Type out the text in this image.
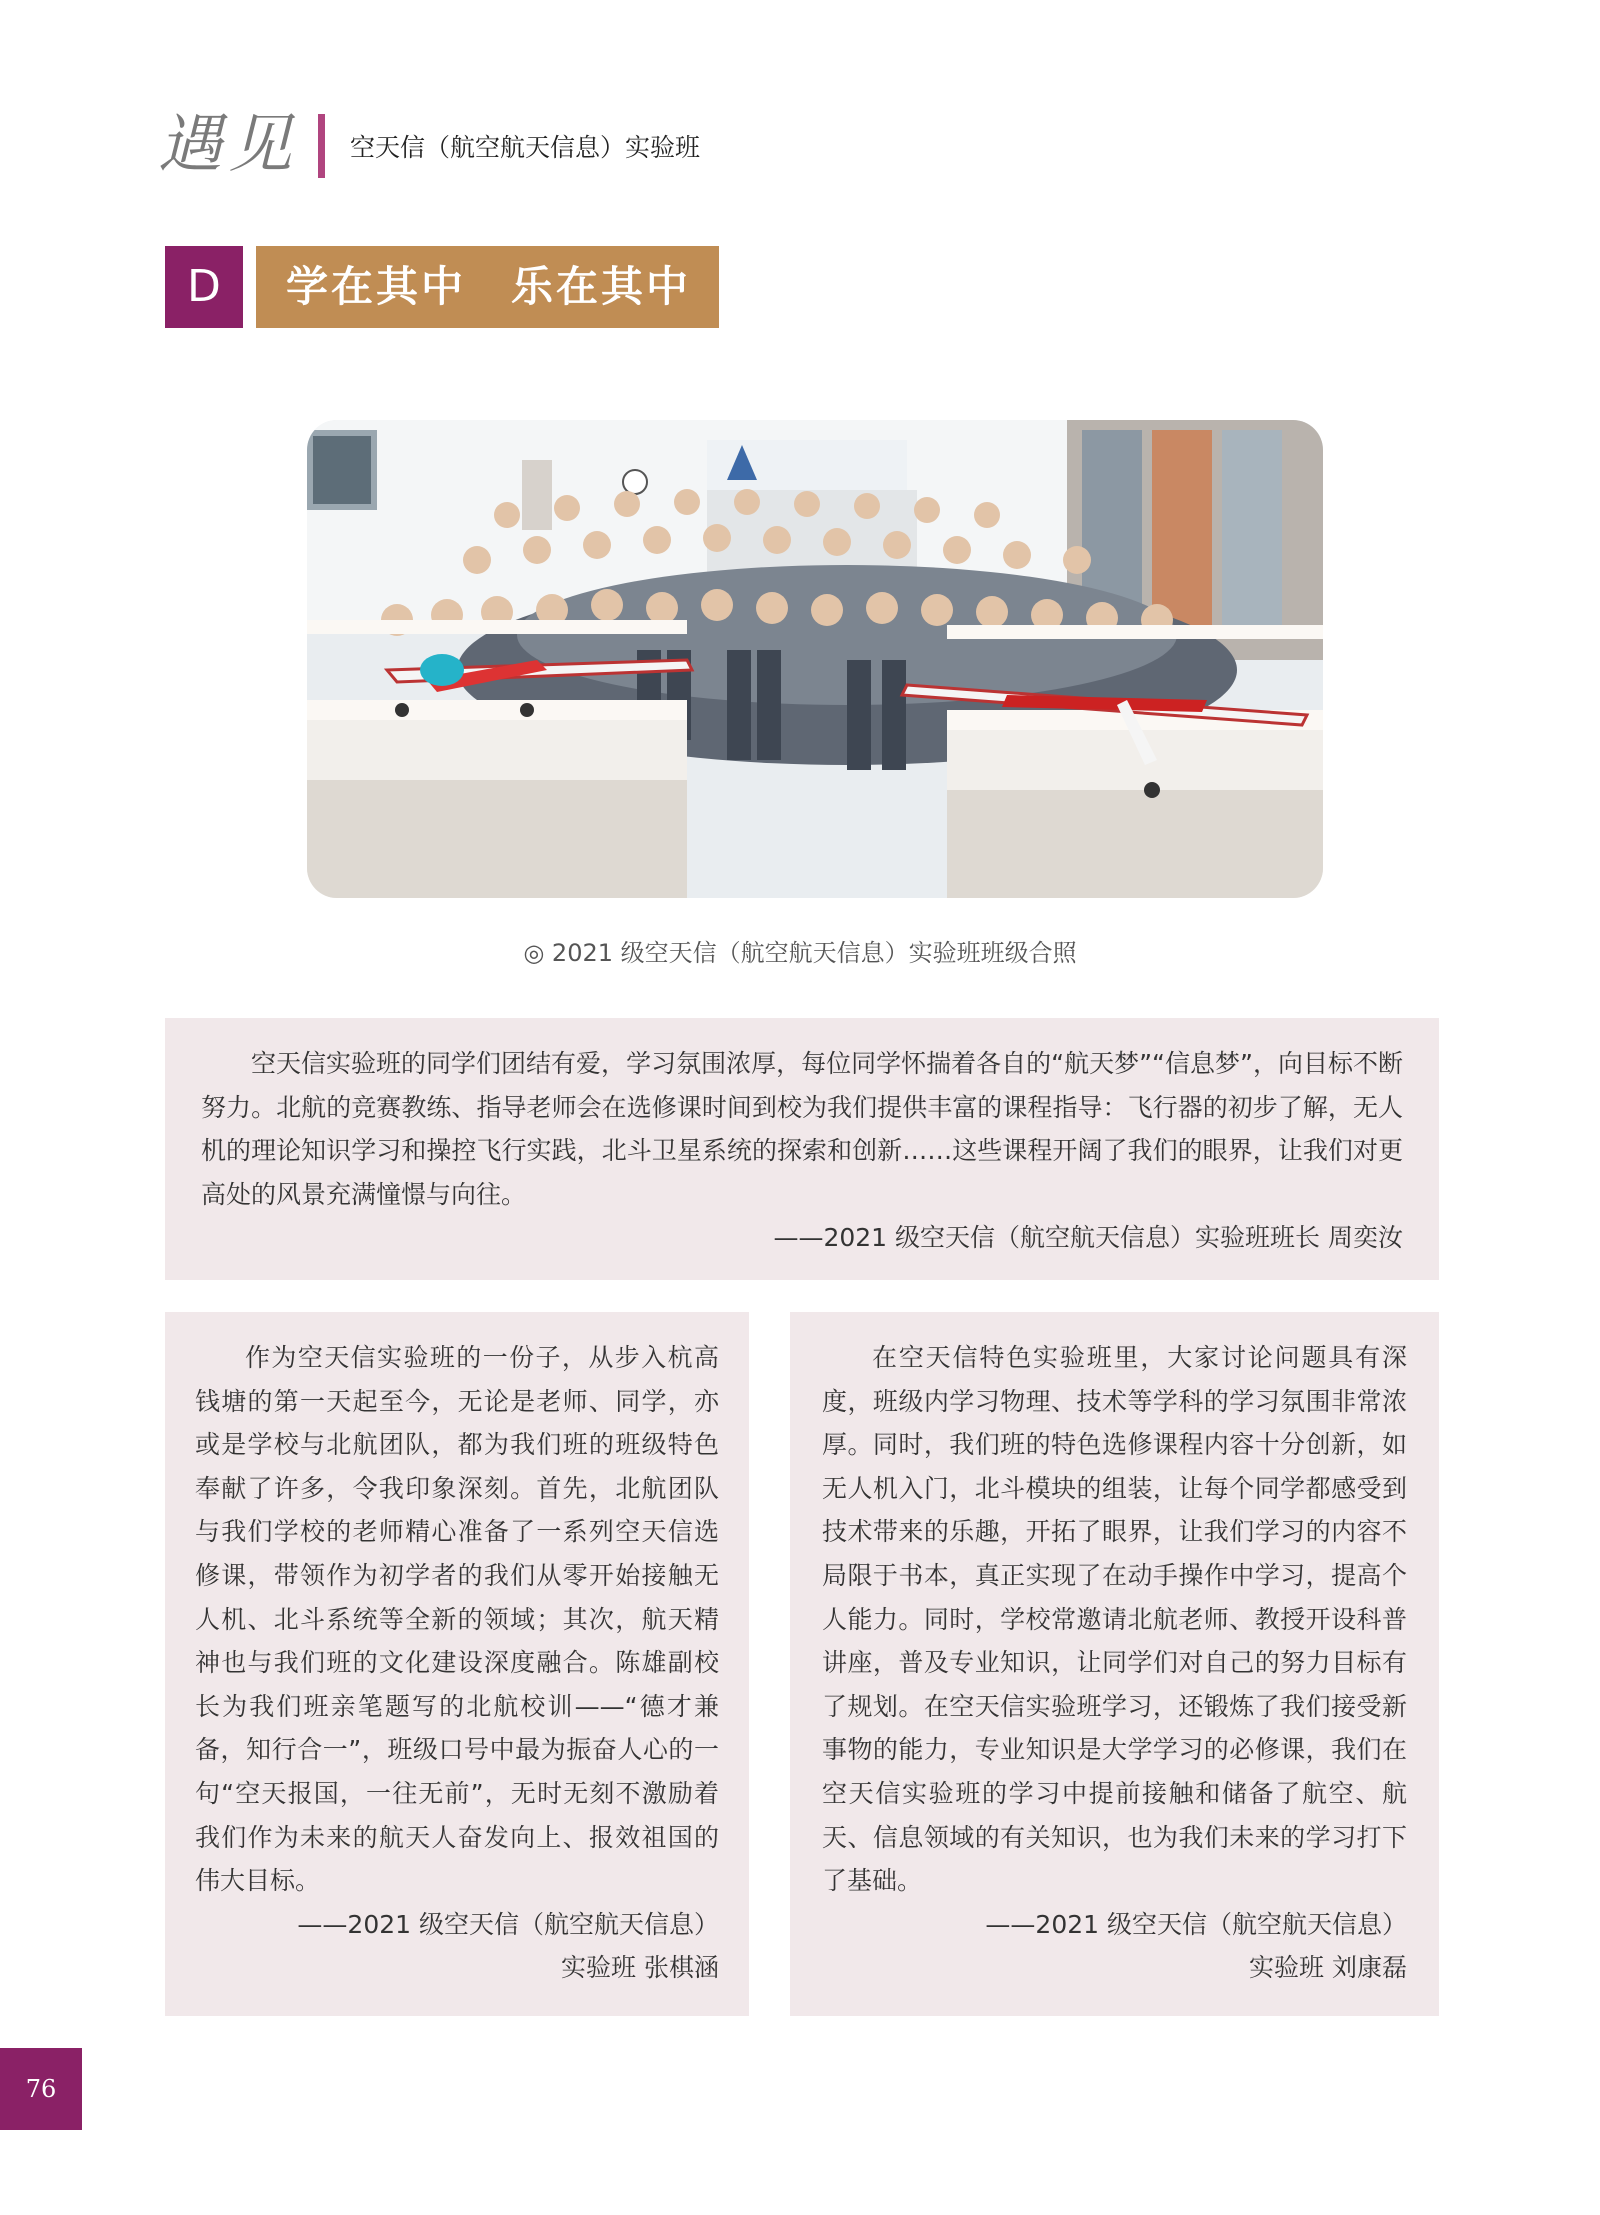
遇见 空天信（航空航天信息）实验班
D	学在其中　乐在其中
◎ 2021 级空天信（航空航天信息）实验班班级合照

空天信实验班的同学们团结有爱，学习氛围浓厚，每位同学怀揣着各自的“航天梦”“信息梦”，向目标不断努力。北航的竞赛教练、指导老师会在选修课时间到校为我们提供丰富的课程指导：飞行器的初步了解，无人机的理论知识学习和操控飞行实践，北斗卫星系统的探索和创新……这些课程开阔了我们的眼界，让我们对更高处的风景充满憧憬与向往。

——2021 级空天信（航空航天信息）实验班班长 周奕汝

作为空天信实验班的一份子，从步入杭高钱塘的第一天起至今，无论是老师、同学，亦或是学校与北航团队，都为我们班的班级特色奉献了许多，令我印象深刻。首先，北航团队与我们学校的老师精心准备了一系列空天信选修课，带领作为初学者的我们从零开始接触无人机、北斗系统等全新的领域；其次，航天精神也与我们班的文化建设深度融合。陈雄副校长为我们班亲笔题写的北航校训——“德才兼备，知行合一”，班级口号中最为振奋人心的一句“空天报国，一往无前”，无时无刻不激励着我们作为未来的航天人奋发向上、报效祖国的伟大目标。

——2021 级空天信（航空航天信息）

实验班 张棋涵

在空天信特色实验班里，大家讨论问题具有深度，班级内学习物理、技术等学科的学习氛围非常浓厚。同时，我们班的特色选修课程内容十分创新，如无人机入门，北斗模块的组装，让每个同学都感受到技术带来的乐趣，开拓了眼界，让我们学习的内容不局限于书本，真正实现了在动手操作中学习，提高个人能力。同时，学校常邀请北航老师、教授开设科普讲座，普及专业知识，让同学们对自己的努力目标有了规划。在空天信实验班学习，还锻炼了我们接受新事物的能力，专业知识是大学学习的必修课，我们在空天信实验班的学习中提前接触和储备了航空、航天、信息领域的有关知识，也为我们未来的学习打下了基础。

——2021 级空天信（航空航天信息）

实验班 刘康磊

76
